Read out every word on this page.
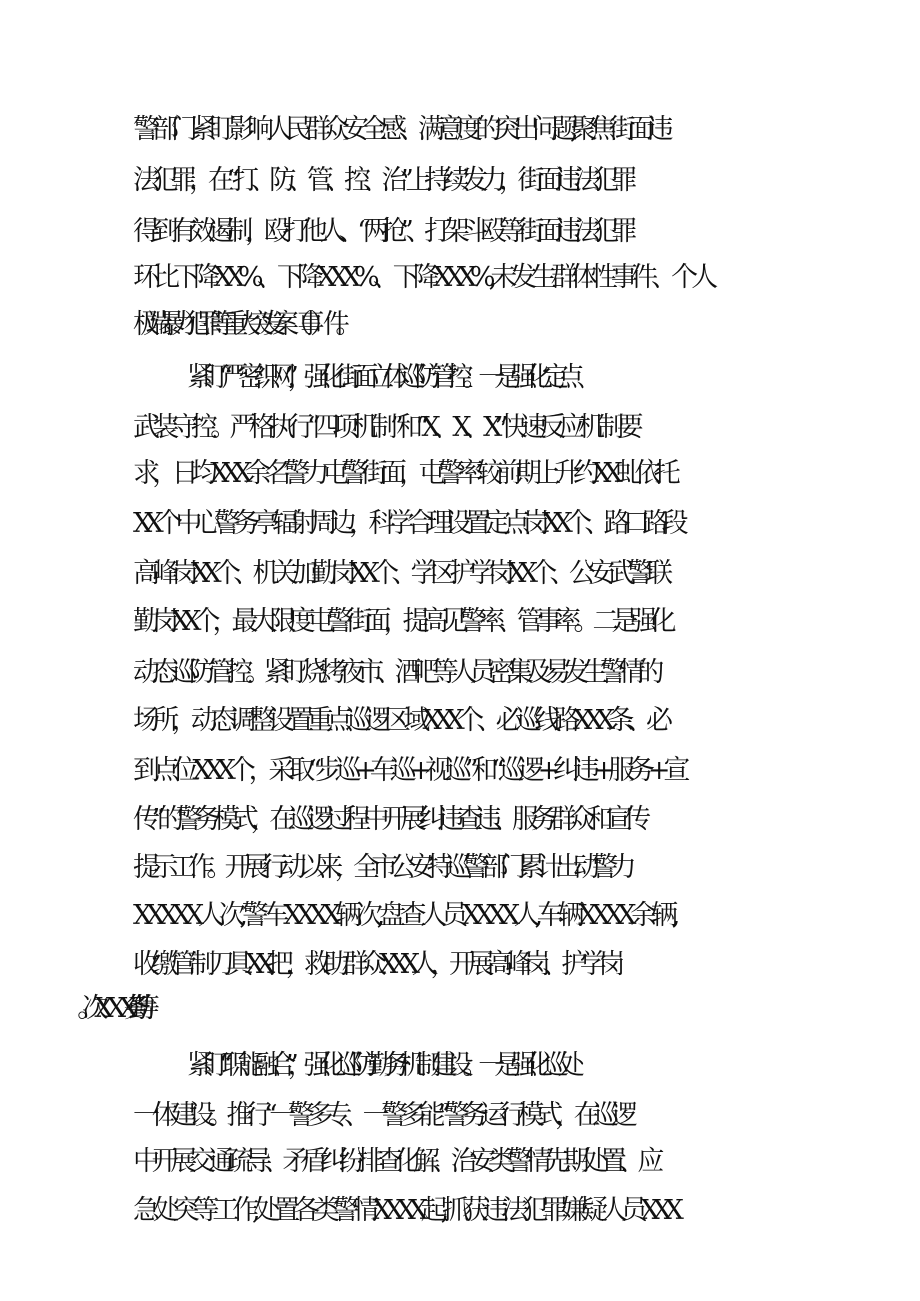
警部门紧盯影响人民群众安全感、满意度的突出问题,聚焦街面违
法犯罪，在“打、防、管、控、治”上持续发力，街面违法犯罪
得到有效遏制，殴打他人、“两抢”、打架斗殴等街面违法犯罪
环比下降XX%、下降XXX%、下降XXX%,未发生群体性事件、个人
极端暴力犯罪等重大突发案（事）件。
紧盯“严密织网”，强化街面立体巡防管控。一是强化定点
武装守控。严格执行“四项机制”和“X、X、X”快速反应机制要
求，日均XXX余名警力屯警街面，屯警率较前期上升约XX虬依托
XX个中心警务亭辐射周边，科学合理设置定点岗XX个、路口路段
高峰岗XX个、机关加勤岗XX个、学区护学岗XX个、公安武警联
勤岗XX个，最大限度屯警街面，提高见警率、管事率。二是强化
动态巡防管控。紧盯烧烤夜市、酒吧等人员密集及易发生警情的
场所，动态调整设置重点巡逻区域XXX个、必巡线路XXX条、必
到点位XXX个，采取“步巡+车巡+视巡”和“巡逻+纠违+服务+宣
传”的警务模式，在巡逻过程中开展纠违查违、服务群众和宣传
提示工作。开展行动以来，全市公安特巡警部门累计出动警力
XXXXX人次,警车XXXX辆次,盘查人员XXXX人,车辆XXXX余辆,
收缴管制刀具XX把，救助群众XXX人，开展高峰岗、护学岗
紧盯“职能融合”，强化巡防勤务机制建设。一是强化巡处
一体建设。推行“一警多专、一警多能”警务运行模式，在巡逻
中开展交通疏导、矛盾纠纷排查化解、治安类警情先期处置、应
急处突等工作,处置各类警情XXXX起,抓获违法犯罪嫌疑人员XXX
